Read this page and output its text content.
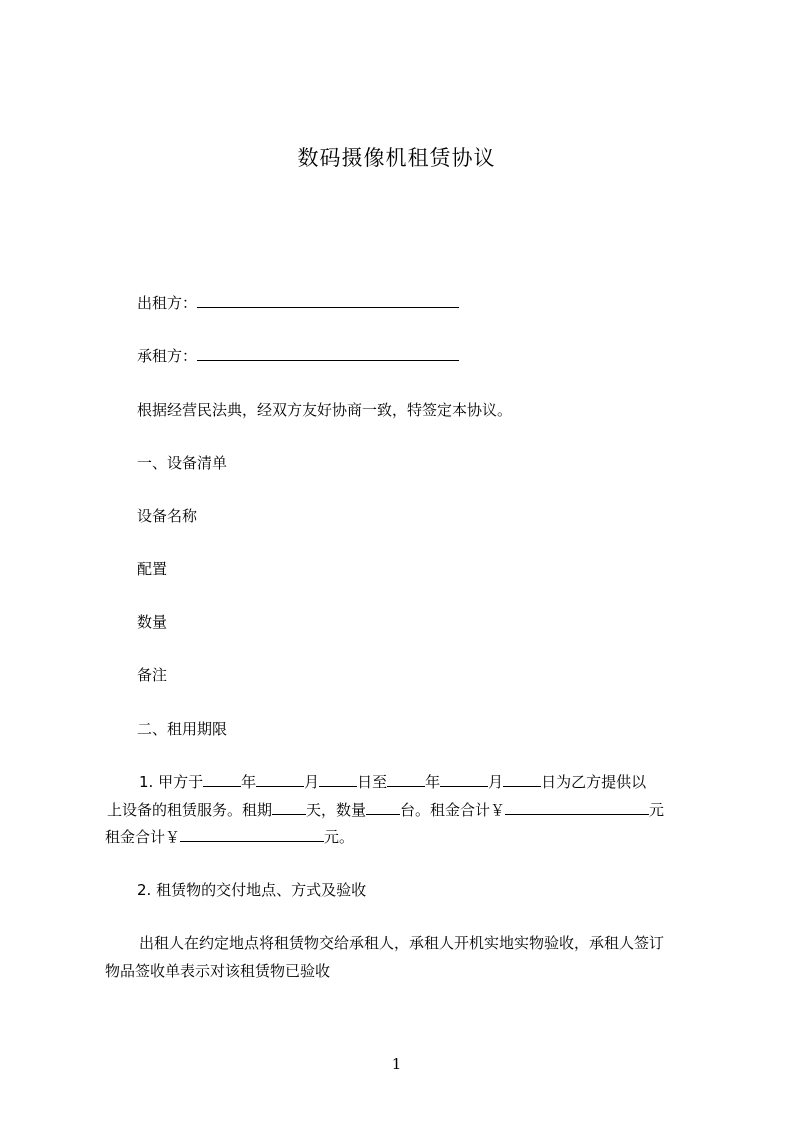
数码摄像机租赁协议

出租方：

承租方：

根据经营民法典，经双方友好协商一致，特签定本协议。

一、设备清单

设备名称

配置

数量

备注

二、租用期限

1. 甲方于	年	月	日至	年	月	日为乙方提供以

上设备的租赁服务。租期 天，数量 台。租金合计￥	元

租金合计￥	元。

2. 租赁物的交付地点、方式及验收

出租人在约定地点将租赁物交给承租人，承租人开机实地实物验收，承租人签订

物品签收单表示对该租赁物已验收

1
